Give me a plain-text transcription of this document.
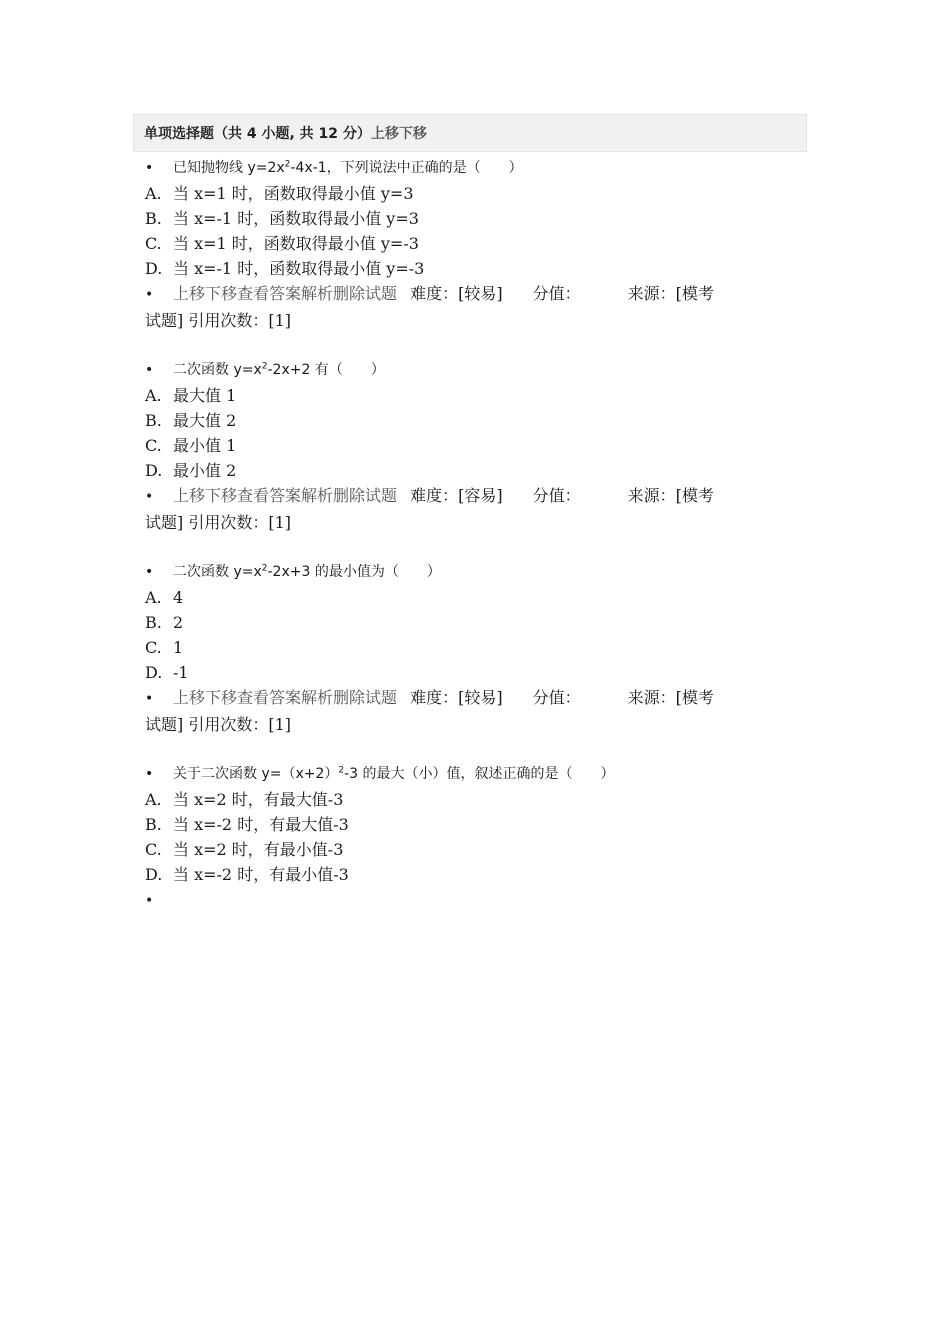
单项选择题（共 4 小题, 共 12 分）上移下移
• 已知抛物线 $y=2x^2-4x-1$，下列说法中正确的是（　　）
A. 当 x=1 时，函数取得最小值 y=3
B. 当 x=-1 时，函数取得最小值 y=3
C. 当 x=1 时，函数取得最小值 y=-3
D. 当 x=-1 时，函数取得最小值 y=-3
• 上移下移查看答案解析删除试题 难度：[较易] 分值：	来源：[模考
试题] 引用次数：[1]
• 二次函数 $y=x^2-2x+2$ 有（　　）
A. 最大值 1
B. 最大值 2
C. 最小值 1
D. 最小值 2
• 上移下移查看答案解析删除试题 难度：[容易] 分值：	来源：[模考
试题] 引用次数：[1]
• 二次函数 $y=x^2-2x+3$ 的最小值为（　　）
A. 4
B. 2
C. 1
D. -1
• 上移下移查看答案解析删除试题 难度：[较易] 分值：	来源：[模考
试题] 引用次数：[1]
• 关于二次函数 $y=(x+2)^2-3$ 的最大（小）值，叙述正确的是（　　）
A. 当 x=2 时，有最大值-3
B. 当 x=-2 时，有最大值-3
C. 当 x=2 时，有最小值-3
D. 当 x=-2 时，有最小值-3
•
